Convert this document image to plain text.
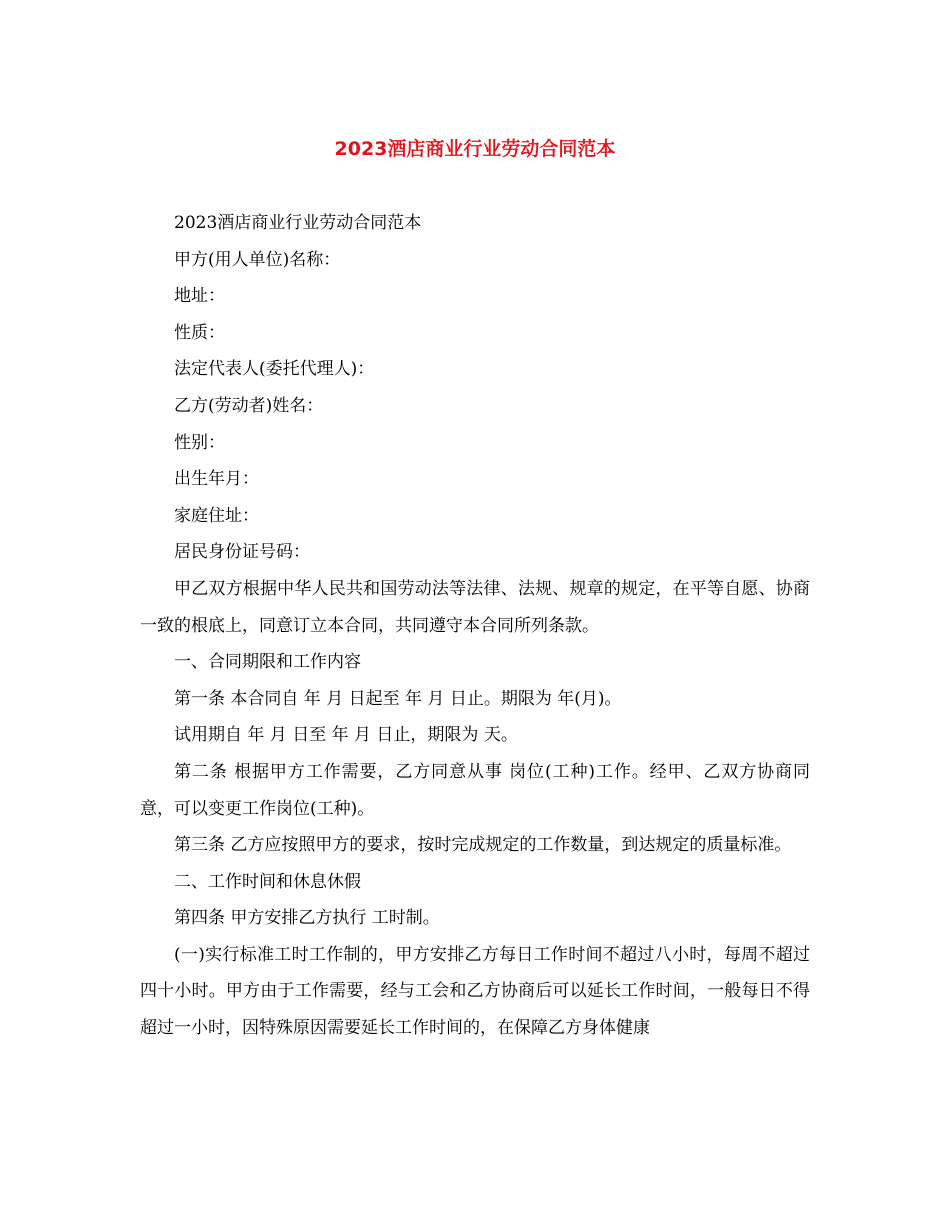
2023酒店商业行业劳动合同范本

2023酒店商业行业劳动合同范本

甲方(用人单位)名称：

地址：

性质：

法定代表人(委托代理人)：

乙方(劳动者)姓名：

性别：

出生年月：

家庭住址：

居民身份证号码：

甲乙双方根据中华人民共和国劳动法等法律、法规、规章的规定，在平等自愿、协商一致的根底上，同意订立本合同，共同遵守本合同所列条款。

一、合同期限和工作内容

第一条 本合同自 年 月 日起至 年 月 日止。期限为 年(月)。

试用期自 年 月 日至 年 月 日止，期限为 天。

第二条 根据甲方工作需要，乙方同意从事 岗位(工种)工作。经甲、乙双方协商同意，可以变更工作岗位(工种)。

第三条 乙方应按照甲方的要求，按时完成规定的工作数量，到达规定的质量标准。

二、工作时间和休息休假

第四条 甲方安排乙方执行 工时制。

(一)实行标准工时工作制的，甲方安排乙方每日工作时间不超过八小时，每周不超过四十小时。甲方由于工作需要，经与工会和乙方协商后可以延长工作时间，一般每日不得超过一小时，因特殊原因需要延长工作时间的，在保障乙方身体健康
